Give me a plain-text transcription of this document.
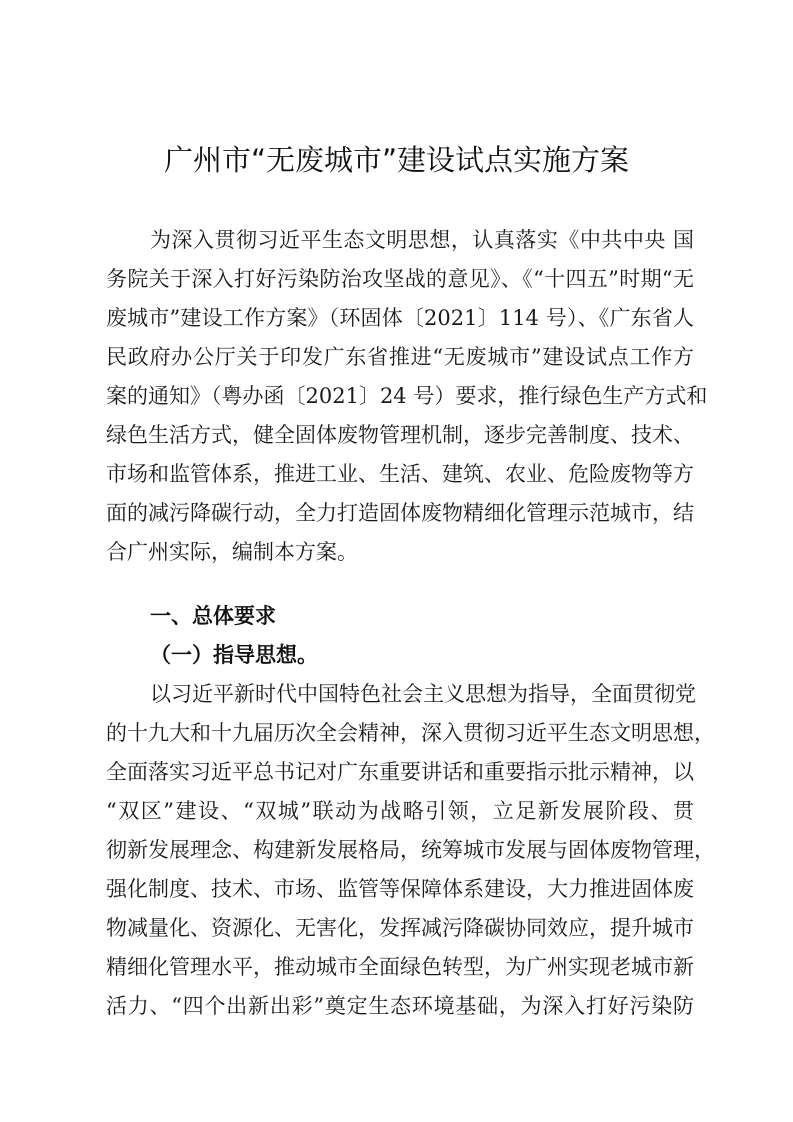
广州市“无废城市”建设试点实施方案
为深入贯彻习近平生态文明思想，认真落实《中共中央 国
务院关于深入打好污染防治攻坚战的意见》、《“十四五”时期“无
废城市”建设工作方案》（环固体〔2021〕114 号）、《广东省人
民政府办公厅关于印发广东省推进“无废城市”建设试点工作方
案的通知》（粤办函〔2021〕24 号）要求，推行绿色生产方式和
绿色生活方式，健全固体废物管理机制，逐步完善制度、技术、
市场和监管体系，推进工业、生活、建筑、农业、危险废物等方
面的减污降碳行动，全力打造固体废物精细化管理示范城市，结
合广州实际，编制本方案。
一、总体要求
（一）指导思想。
以习近平新时代中国特色社会主义思想为指导，全面贯彻党
的十九大和十九届历次全会精神，深入贯彻习近平生态文明思想，
全面落实习近平总书记对广东重要讲话和重要指示批示精神，以
“双区”建设、“双城”联动为战略引领，立足新发展阶段、贯
彻新发展理念、构建新发展格局，统筹城市发展与固体废物管理，
强化制度、技术、市场、监管等保障体系建设，大力推进固体废
物减量化、资源化、无害化，发挥减污降碳协同效应，提升城市
精细化管理水平，推动城市全面绿色转型，为广州实现老城市新
活力、“四个出新出彩”奠定生态环境基础，为深入打好污染防
